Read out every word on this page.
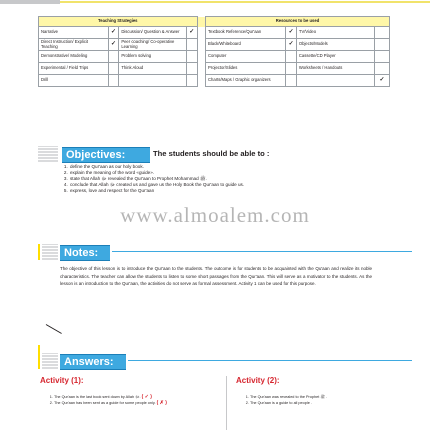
Teaching Strategies					Resources to be used			
Narrative	✓	Discussion/ Question & Answer	✓		Textbook Reference/Qur'aan	✓	TV/Video	
Direct Instruction/ Explicit Teaching	✓	Peer coaching/ Co-operative Learning			Black/Whiteboard	✓	Objects/Models	
Demonstrative/ Modeling		Problem solving			Computer		Cassette/CD Player	
Experimental / Field Trips		Think Aloud			Projector/Slides		Worksheets / Handouts	
Drill					Charts/Maps / Graphic organizers			✓
Objectives:	The students should be able to :
1. define the Qur'aan as our holy book.
2. explain the meaning of the word «guide».
3. state that Allah ﷻ revealed the Qur'aan to Prophet Mohammad ﷺ.
4. conclude that Allah ﷻ created us and gave us the Holy Book the Qur'aan to guide us.
5. express, love and respect for the Qur'aan
www.almoalem.com
Notes:
The objective of this lesson is to introduce the Qur'aan to the students. The outcome is for students to be acquainted with the Qu'aan and realize its noble characteristics. The teacher can allow the students to listen to some short passages from the Qur'aan. This will serve as a motivator to the students. As the lesson is an introduction to the Qur'aan, the activities do not serve as formal assessment. Activity 1 can be used for this purpose.
Answers:
Activity (1):
1. The Qur'aan is the last book sent down by Allah ﷻ. ( ✓ )
2. The Qur'aan has been sent as a guide for some people only. ( ✗ )
Activity (2):
1. The Qur'aan was revealed to the Prophet ﷺ .
2. The Qur'aan is a guide to all people .
